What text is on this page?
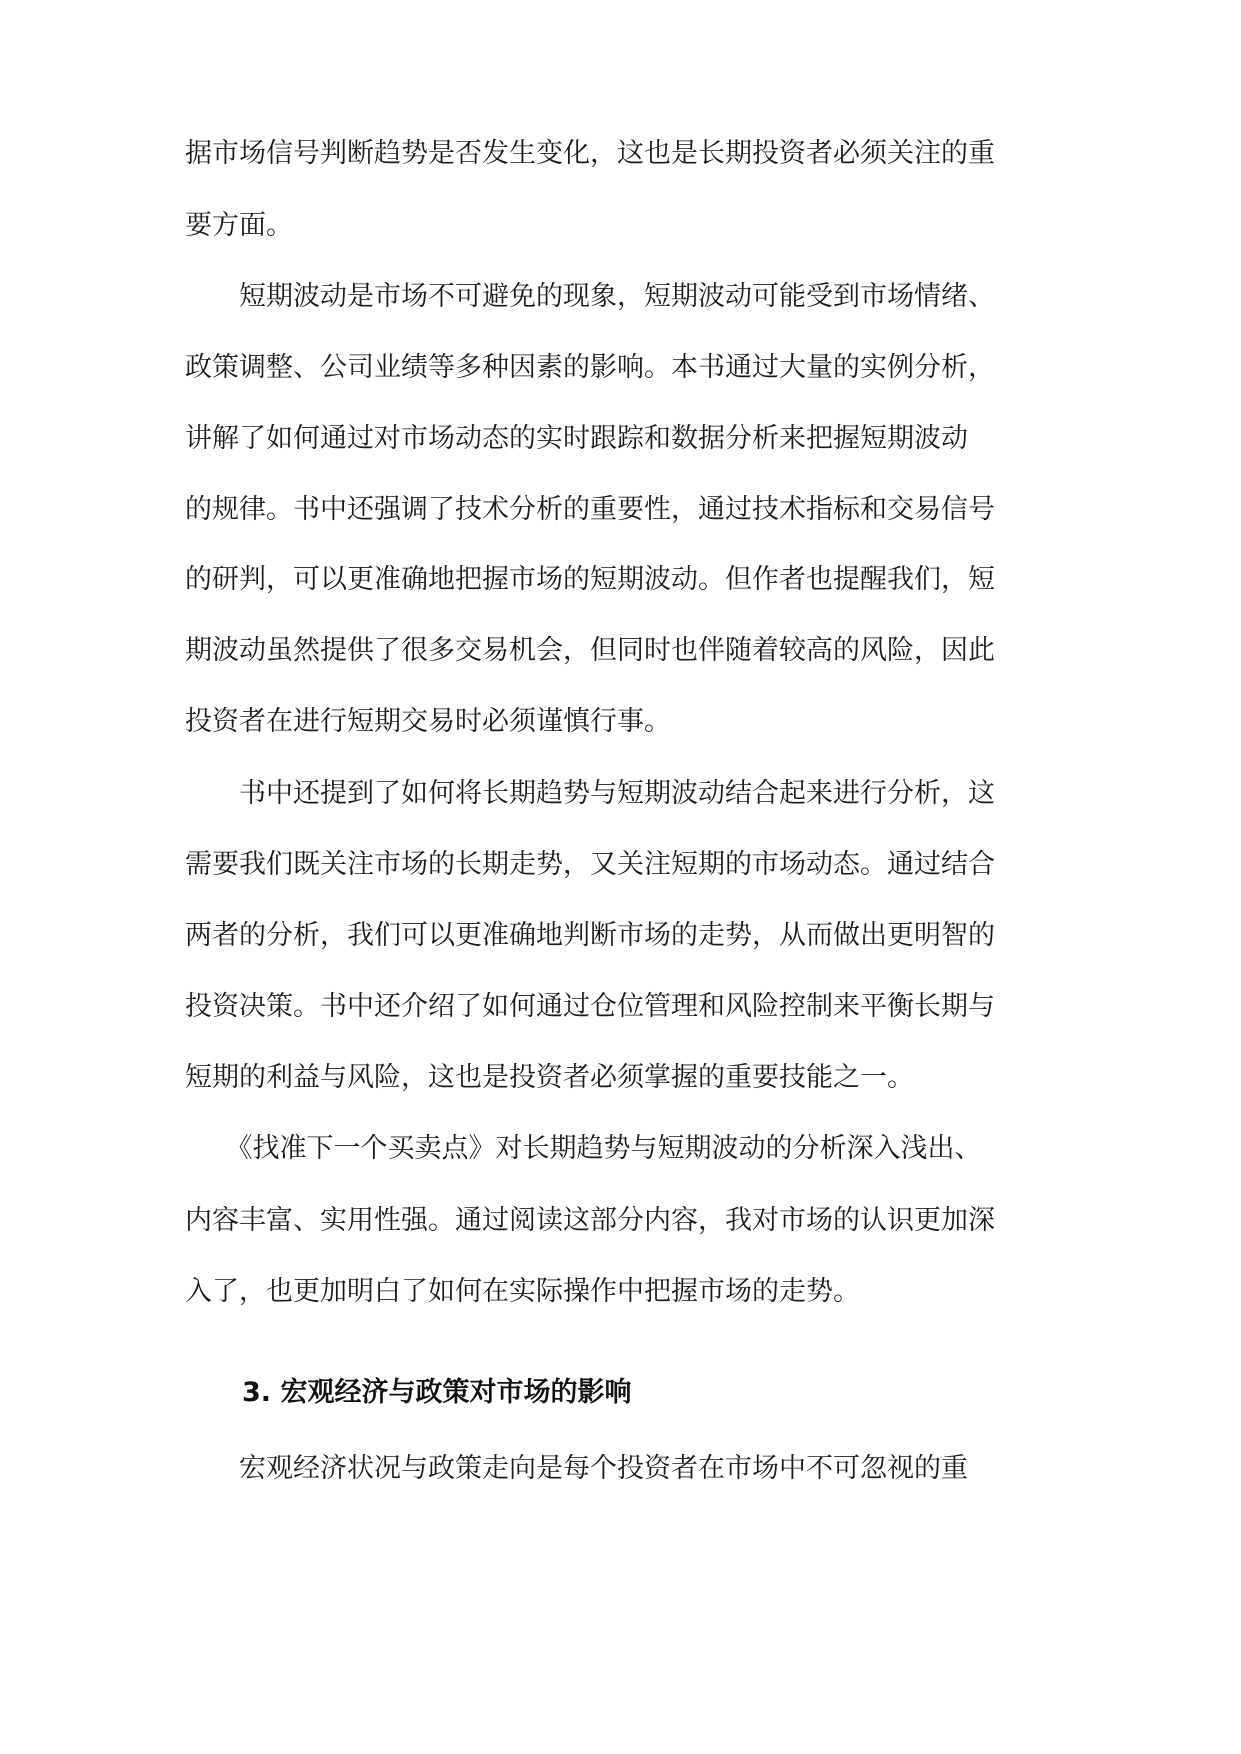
据市场信号判断趋势是否发生变化，这也是长期投资者必须关注的重
要方面。
　　短期波动是市场不可避免的现象，短期波动可能受到市场情绪、
政策调整、公司业绩等多种因素的影响。本书通过大量的实例分析，
讲解了如何通过对市场动态的实时跟踪和数据分析来把握短期波动
的规律。书中还强调了技术分析的重要性，通过技术指标和交易信号
的研判，可以更准确地把握市场的短期波动。但作者也提醒我们，短
期波动虽然提供了很多交易机会，但同时也伴随着较高的风险，因此
投资者在进行短期交易时必须谨慎行事。
　　书中还提到了如何将长期趋势与短期波动结合起来进行分析，这
需要我们既关注市场的长期走势，又关注短期的市场动态。通过结合
两者的分析，我们可以更准确地判断市场的走势，从而做出更明智的
投资决策。书中还介绍了如何通过仓位管理和风险控制来平衡长期与
短期的利益与风险，这也是投资者必须掌握的重要技能之一。
　　《找准下一个买卖点》对长期趋势与短期波动的分析深入浅出、
内容丰富、实用性强。通过阅读这部分内容，我对市场的认识更加深
入了，也更加明白了如何在实际操作中把握市场的走势。
3. 宏观经济与政策对市场的影响
　　宏观经济状况与政策走向是每个投资者在市场中不可忽视的重
